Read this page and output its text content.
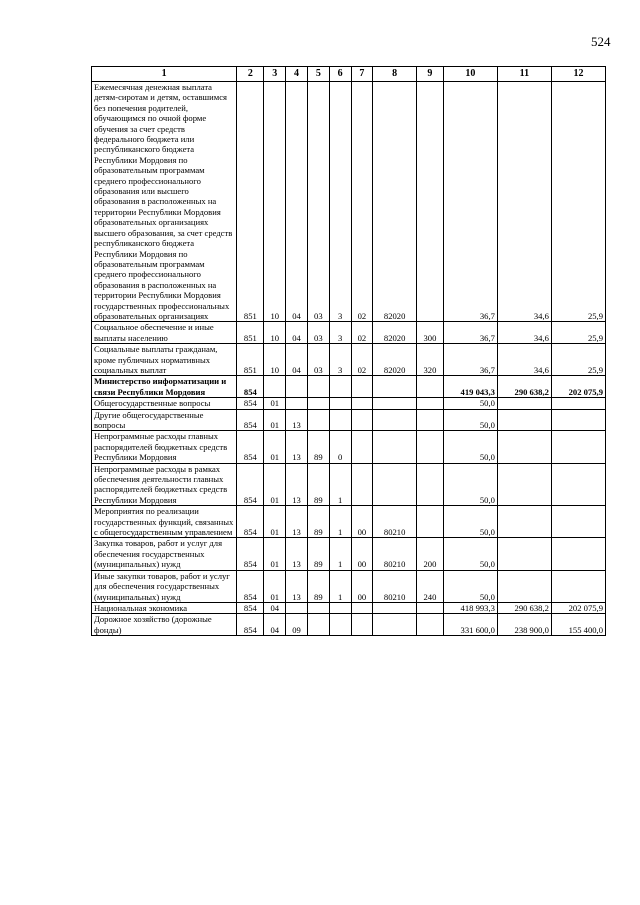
524
1	2	3	4	5	6	7	8	9	10	11	12
Ежемесячная денежная выплата детям-сиротам и детям, оставшимся без попечения родителей, обучающимся по очной форме обучения за счет средств федерального бюджета или республиканского бюджета Республики Мордовия по образовательным программам среднего профессионального образования или высшего образования в расположенных на территории Республики Мордовия образовательных организациях высшего образования, за счет средств республиканского бюджета Республики Мордовия по образовательным программам среднего профессионального образования в расположенных на территории Республики Мордовия государственных профессиональных образовательных организациях	851	10	04	03	3	02	82020		36,7	34,6	25,9
Социальное обеспечение и иные выплаты населению	851	10	04	03	3	02	82020	300	36,7	34,6	25,9
Социальные выплаты гражданам, кроме публичных нормативных социальных выплат	851	10	04	03	3	02	82020	320	36,7	34,6	25,9
Министерство информатизации и связи Республики Мордовия	854								419 043,3	290 638,2	202 075,9
Общегосударственные вопросы	854	01							50,0		
Другие общегосударственные вопросы	854	01	13						50,0		
Непрограммные расходы главных распорядителей бюджетных средств Республики Мордовия	854	01	13	89	0				50,0		
Непрограммные расходы в рамках обеспечения деятельности главных распорядителей бюджетных средств Республики Мордовия	854	01	13	89	1				50,0		
Мероприятия по реализации государственных функций, связанных с общегосударственным управлением	854	01	13	89	1	00	80210		50,0		
Закупка товаров, работ и услуг для обеспечения государственных (муниципальных) нужд	854	01	13	89	1	00	80210	200	50,0		
Иные закупки товаров, работ и услуг для обеспечения государственных (муниципальных) нужд	854	01	13	89	1	00	80210	240	50,0		
Национальная экономика	854	04							418 993,3	290 638,2	202 075,9
Дорожное хозяйство (дорожные фонды)	854	04	09						331 600,0	238 900,0	155 400,0
